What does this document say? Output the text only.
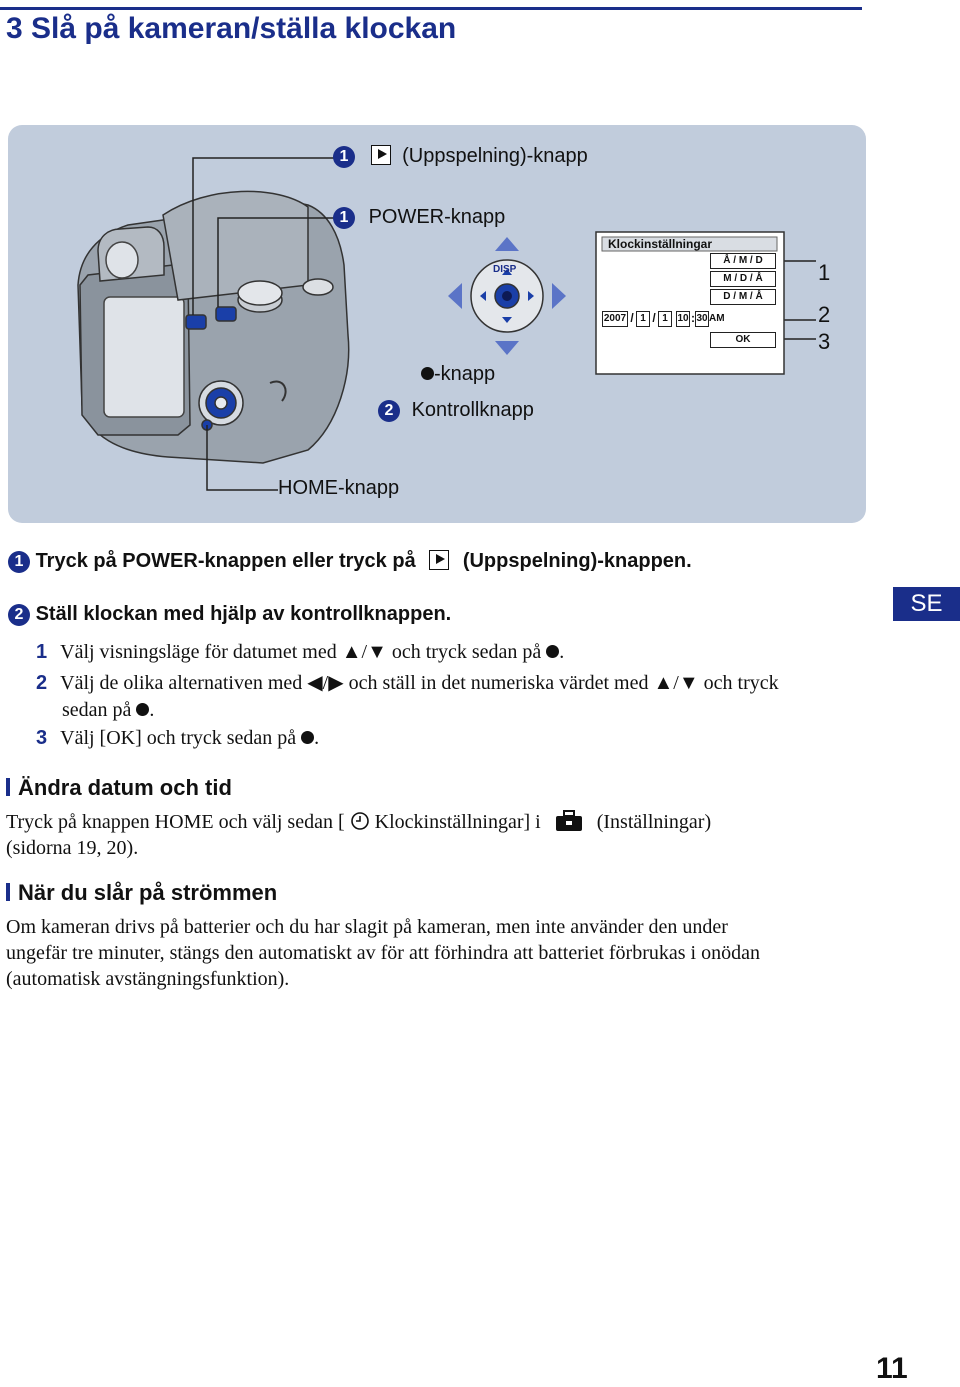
3 Slå på kameran/ställa klockan
1	(Uppspelning)-knapp
1 POWER-knapp
-knapp
2 Kontrollknapp
HOME-knapp
DISP
Klockinställningar
Å / M / D
M / D / Å
D / M / Å
2007 / 1 / 1 10 : 30 AM
OK
1
2
3
1 Tryck på POWER-knappen eller tryck på (Uppspelning)-knappen.
2 Ställ klockan med hjälp av kontrollknappen.
1 Välj visningsläge för datumet med ▲/▼ och tryck sedan på .
2 Välj de olika alternativen med ◀/▶ och ställ in det numeriska värdet med ▲/▼ och tryck
sedan på .
3 Välj [OK] och tryck sedan på .
Ändra datum och tid
Tryck på knappen HOME och välj sedan [  Klockinställningar] i	(Inställningar)
(sidorna 19, 20).
När du slår på strömmen
Om kameran drivs på batterier och du har slagit på kameran, men inte använder den under
ungefär tre minuter, stängs den automatiskt av för att förhindra att batteriet förbrukas i onödan
(automatisk avstängningsfunktion).
SE
11
